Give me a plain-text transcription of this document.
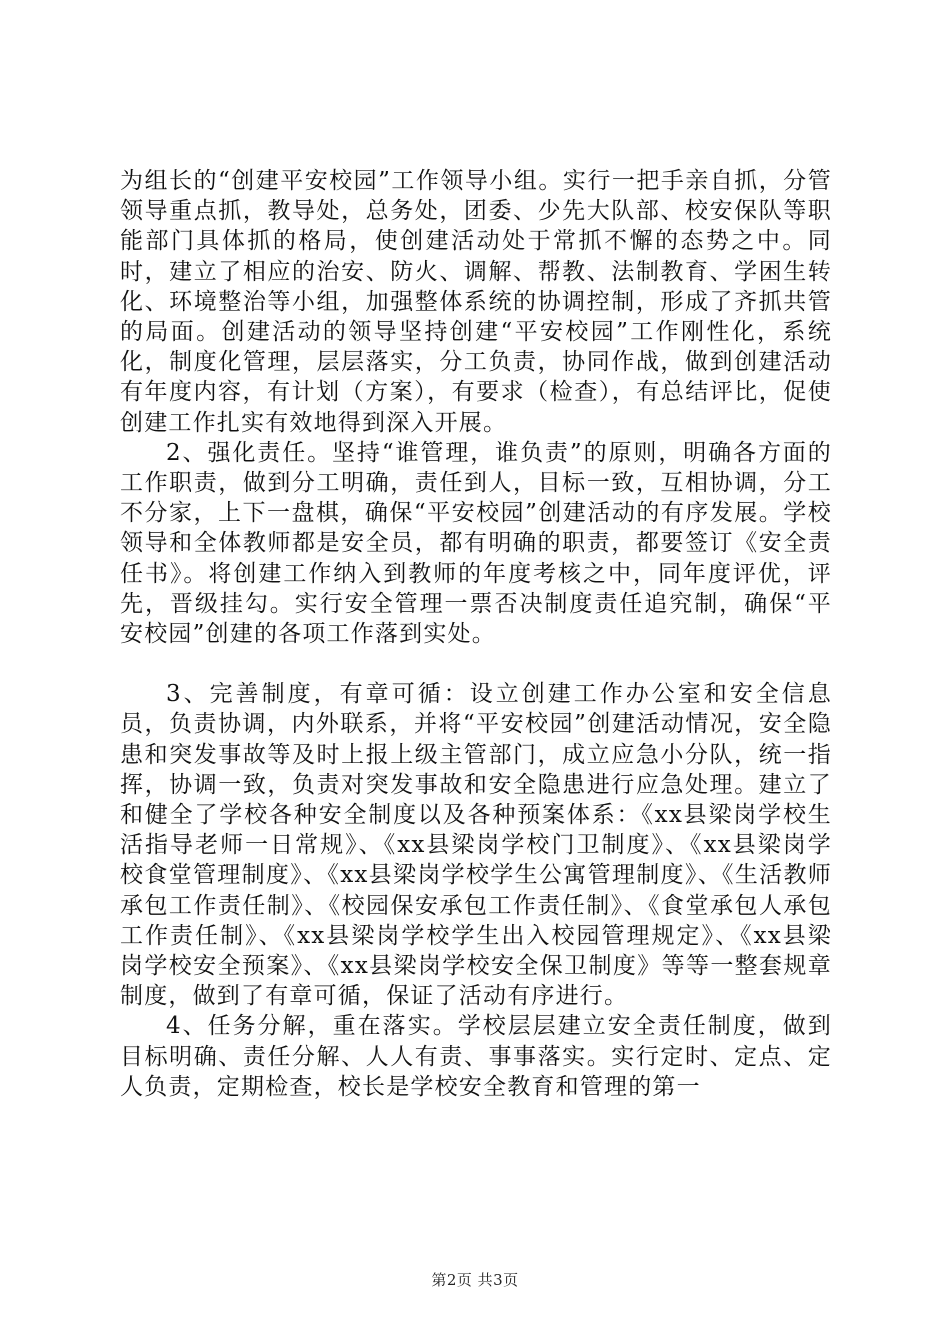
为组长的“创建平安校园”工作领导小组。实行一把手亲自抓，分管领导重点抓，教导处，总务处，团委、少先大队部、校安保队等职能部门具体抓的格局，使创建活动处于常抓不懈的态势之中。同时，建立了相应的治安、防火、调解、帮教、法制教育、学困生转化、环境整治等小组，加强整体系统的协调控制，形成了齐抓共管的局面。创建活动的领导坚持创建“平安校园”工作刚性化，系统化，制度化管理，层层落实，分工负责，协同作战，做到创建活动有年度内容，有计划（方案），有要求（检查），有总结评比，促使创建工作扎实有效地得到深入开展。

2、强化责任。坚持“谁管理，谁负责”的原则，明确各方面的工作职责，做到分工明确，责任到人，目标一致，互相协调，分工不分家，上下一盘棋，确保“平安校园”创建活动的有序发展。学校领导和全体教师都是安全员，都有明确的职责，都要签订《安全责任书》。将创建工作纳入到教师的年度考核之中，同年度评优，评先，晋级挂勾。实行安全管理一票否决制度责任追究制，确保“平安校园”创建的各项工作落到实处。

3、完善制度，有章可循：设立创建工作办公室和安全信息员，负责协调，内外联系，并将“平安校园”创建活动情况，安全隐患和突发事故等及时上报上级主管部门，成立应急小分队，统一指挥，协调一致，负责对突发事故和安全隐患进行应急处理。建立了和健全了学校各种安全制度以及各种预案体系：《xx县梁岗学校生活指导老师一日常规》、《xx县梁岗学校门卫制度》、《xx县梁岗学校食堂管理制度》、《xx县梁岗学校学生公寓管理制度》、《生活教师承包工作责任制》、《校园保安承包工作责任制》、《食堂承包人承包工作责任制》、《xx县梁岗学校学生出入校园管理规定》、《xx县梁岗学校安全预案》、《xx县梁岗学校安全保卫制度》等等一整套规章制度，做到了有章可循，保证了活动有序进行。

4、任务分解，重在落实。学校层层建立安全责任制度，做到目标明确、责任分解、人人有责、事事落实。实行定时、定点、定人负责，定期检查，校长是学校安全教育和管理的第一

第2页 共3页
